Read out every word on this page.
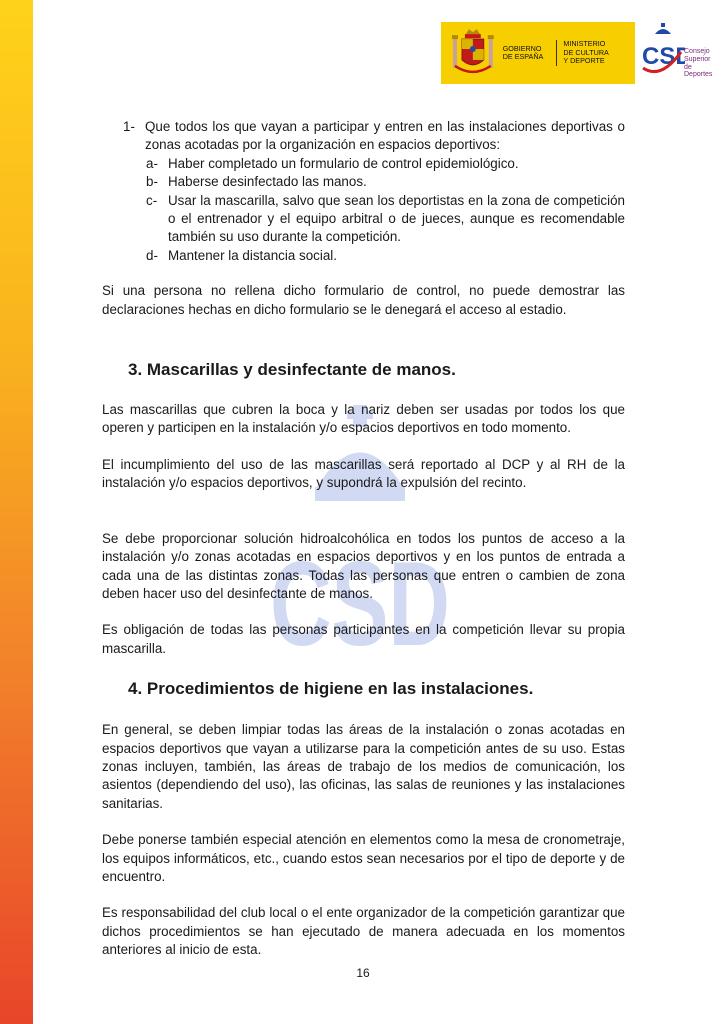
GOBIERNO
DE ESPAÑA
MINISTERIO
DE CULTURA
Y DEPORTE	CSD
Consejo
Superior de
Deportes
CSD
1- Que todos los que vayan a participar y entren en las instalaciones deportivas o zonas acotadas por la organización en espacios deportivos:

a- Haber completado un formulario de control epidemiológico.

b- Haberse desinfectado las manos.

c- Usar la mascarilla, salvo que sean los deportistas en la zona de competición o el entrenador y el equipo arbitral o de jueces, aunque es recomendable también su uso durante la competición.

d- Mantener la distancia social.

Si una persona no rellena dicho formulario de control, no puede demostrar las declaraciones hechas en dicho formulario se le denegará el acceso al estadio.

3. Mascarillas y desinfectante de manos.

Las mascarillas que cubren la boca y la nariz deben ser usadas por todos los que operen y participen en la instalación y/o espacios deportivos en todo momento.

El incumplimiento del uso de las mascarillas será reportado al DCP y al RH de la instalación y/o espacios deportivos, y supondrá la expulsión del recinto.

Se debe proporcionar solución hidroalcohólica en todos los puntos de acceso a la instalación y/o zonas acotadas en espacios deportivos y en los puntos de entrada a cada una de las distintas zonas. Todas las personas que entren o cambien de zona deben hacer uso del desinfectante de manos.

Es obligación de todas las personas participantes en la competición llevar su propia mascarilla.

4. Procedimientos de higiene en las instalaciones.

En general, se deben limpiar todas las áreas de la instalación o zonas acotadas en espacios deportivos que vayan a utilizarse para la competición antes de su uso. Estas zonas incluyen, también, las áreas de trabajo de los medios de comunicación, los asientos (dependiendo del uso), las oficinas, las salas de reuniones y las instalaciones sanitarias.

Debe ponerse también especial atención en elementos como la mesa de cronometraje, los equipos informáticos, etc., cuando estos sean necesarios por el tipo de deporte y de encuentro.

Es responsabilidad del club local o el ente organizador de la competición garantizar que dichos procedimientos se han ejecutado de manera adecuada en los momentos anteriores al inicio de esta.

16
